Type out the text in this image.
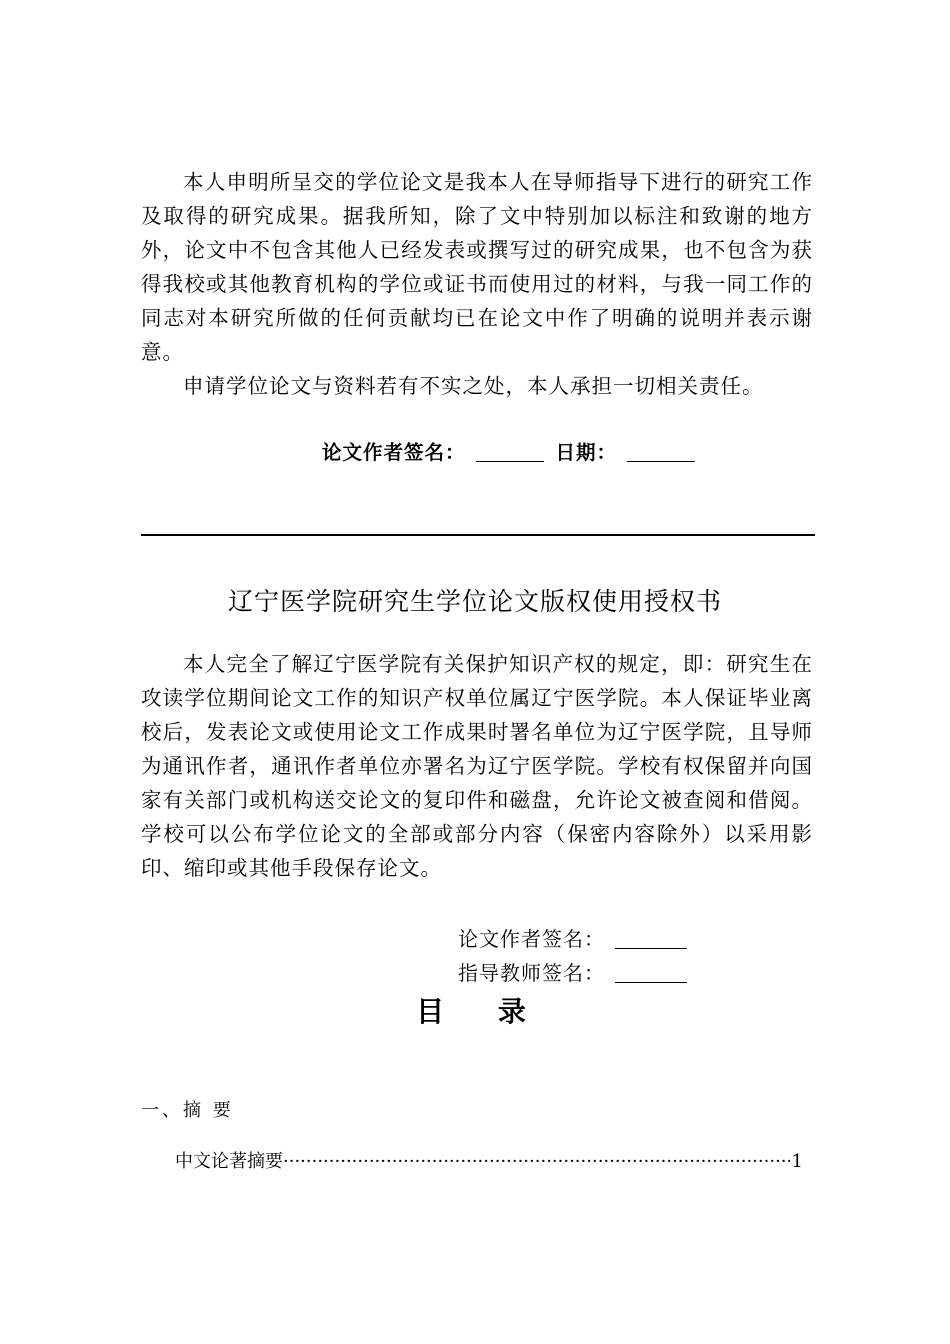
本人申明所呈交的学位论文是我本人在导师指导下进行的研究工作及取得的研究成果。据我所知，除了文中特别加以标注和致谢的地方外，论文中不包含其他人已经发表或撰写过的研究成果，也不包含为获得我校或其他教育机构的学位或证书而使用过的材料，与我一同工作的同志对本研究所做的任何贡献均已在论文中作了明确的说明并表示谢意。

申请学位论文与资料若有不实之处，本人承担一切相关责任。

论文作者签名：	日期：
辽宁医学院研究生学位论文版权使用授权书

本人完全了解辽宁医学院有关保护知识产权的规定，即：研究生在攻读学位期间论文工作的知识产权单位属辽宁医学院。本人保证毕业离校后，发表论文或使用论文工作成果时署名单位为辽宁医学院，且导师为通讯作者，通讯作者单位亦署名为辽宁医学院。学校有权保留并向国家有关部门或机构送交论文的复印件和磁盘，允许论文被查阅和借阅。学校可以公布学位论文的全部或部分内容（保密内容除外）以采用影印、缩印或其他手段保存论文。

论文作者签名：
指导教师签名：
目 录
一、摘 要
中文论著摘要
·····	1
